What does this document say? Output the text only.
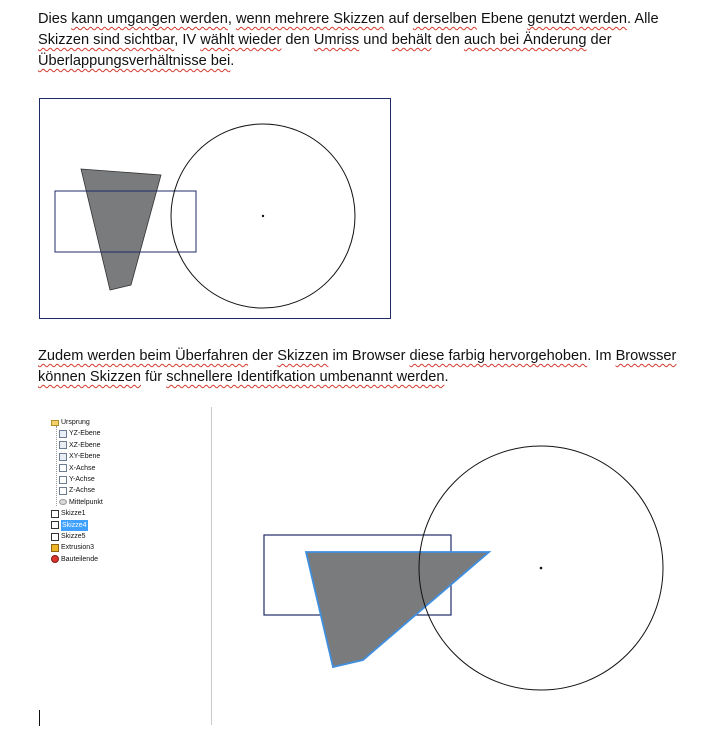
Dies kann umgangen werden, wenn mehrere Skizzen auf derselben Ebene genutzt werden. Alle Skizzen sind sichtbar, IV wählt wieder den Umriss und behält den auch bei Änderung der Überlappungsverhältnisse bei.
Zudem werden beim Überfahren der Skizzen im Browser diese farbig hervorgehoben. Im Browsser können Skizzen für schnellere Identifkation umbenannt werden.
Ursprung
YZ-Ebene
XZ-Ebene
XY-Ebene
X-Achse
Y-Achse
Z-Achse
Mittelpunkt
Skizze1
Skizze4
Skizze5
Extrusion3
Bauteilende
